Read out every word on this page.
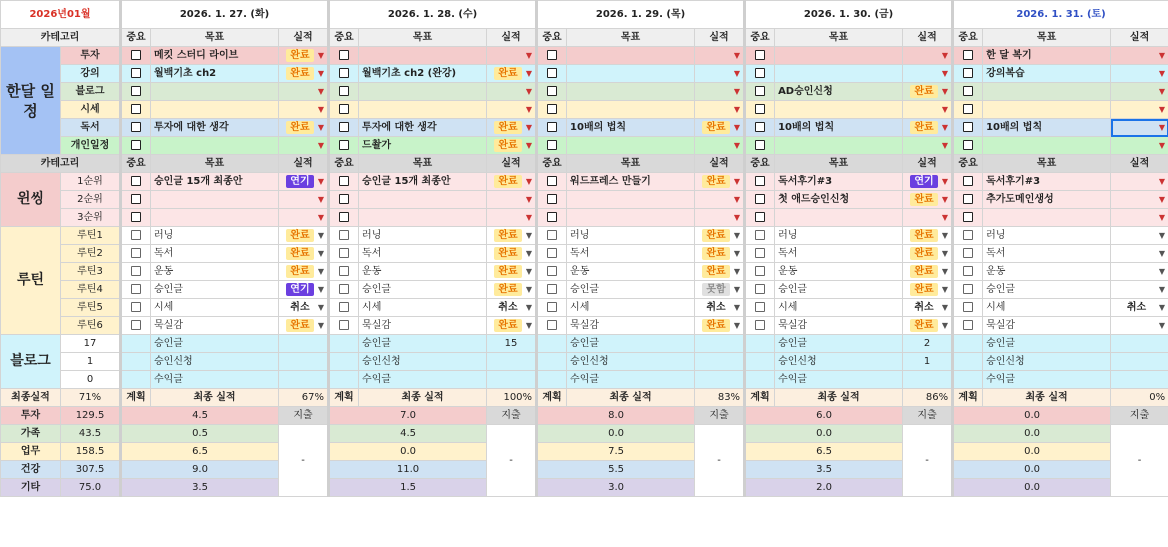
2026년01월		2026. 1. 27. (화)			2026. 1. 28. (수)			2026. 1. 29. (목)			2026. 1. 30. (금)			2026. 1. 31. (토)		
카테고리		중요	목표	실적	중요	목표	실적	중요	목표	실적	중요	목표	실적	중요	목표	실적
한달 일정	투자		메킷 스터디 라이브	완료 ▼			▼			▼			▼		한 달 복기	▼

	강의		월백기초 ch2	완료 ▼		월백기초 ch2 (완강)	완료 ▼			▼			▼		강의복습	▼

	블로그			▼			▼			▼		AD승인신청	완료 ▼			▼

	시세			▼			▼			▼			▼			▼

	독서		투자에 대한 생각	완료 ▼		투자에 대한 생각	완료 ▼		10배의 법칙	완료 ▼		10배의 법칙	완료 ▼		10배의 법칙	▼

	개인일정			▼		드촬가	완료 ▼			▼			▼			▼

카테고리		중요	목표	실적	중요	목표	실적	중요	목표	실적	중요	목표	실적	중요	목표	실적
윈씽	1순위		승인글 15개 최종안	연기 ▼		승인글 15개 최종안	완료 ▼		워드프레스 만들기	완료 ▼		독서후기#3	연기 ▼		독서후기#3	▼

	2순위			▼			▼			▼		첫 애드승인신청	완료 ▼		추가도메인생성	▼

	3순위			▼			▼			▼			▼			▼

루틴	루틴1		러닝	완료 ▼		러닝	완료 ▼		러닝	완료 ▼		러닝	완료 ▼		러닝	▼

	루틴2		독서	완료 ▼		독서	완료 ▼		독서	완료 ▼		독서	완료 ▼		독서	▼

	루틴3		운동	완료 ▼		운동	완료 ▼		운동	완료 ▼		운동	완료 ▼		운동	▼

	루틴4		승인글	연기 ▼		승인글	완료 ▼		승인글	못함 ▼		승인글	완료 ▼		승인글	▼

	루틴5		시세	취소 ▼		시세	취소 ▼		시세	취소 ▼		시세	취소 ▼		시세	취소 ▼

	루틴6		묵실감	완료 ▼		묵실감	완료 ▼		묵실감	완료 ▼		묵실감	완료 ▼		묵실감	▼

블로그	17		승인글			승인글	15		승인글			승인글	2		승인글	
	1		승인신청			승인신청			승인신청			승인신청	1		승인신청	
	0		수익글			수익글			수익글			수익글			수익글	
최종실적	71%	계획	최종 실적	67%	계획	최종 실적	100%	계획	최종 실적	83%	계획	최종 실적	86%	계획	최종 실적	0%
투자	129.5	4.5		지출	7.0		지출	8.0		지출	6.0		지출	0.0		지출
가족	43.5	0.5		-	4.5		-	0.0		-	0.0		-	0.0		-
업무	158.5	6.5			0.0			7.5			6.5			0.0		
건강	307.5	9.0			11.0			5.5			3.5			0.0		
기타	75.0	3.5			1.5			3.0			2.0			0.0		
